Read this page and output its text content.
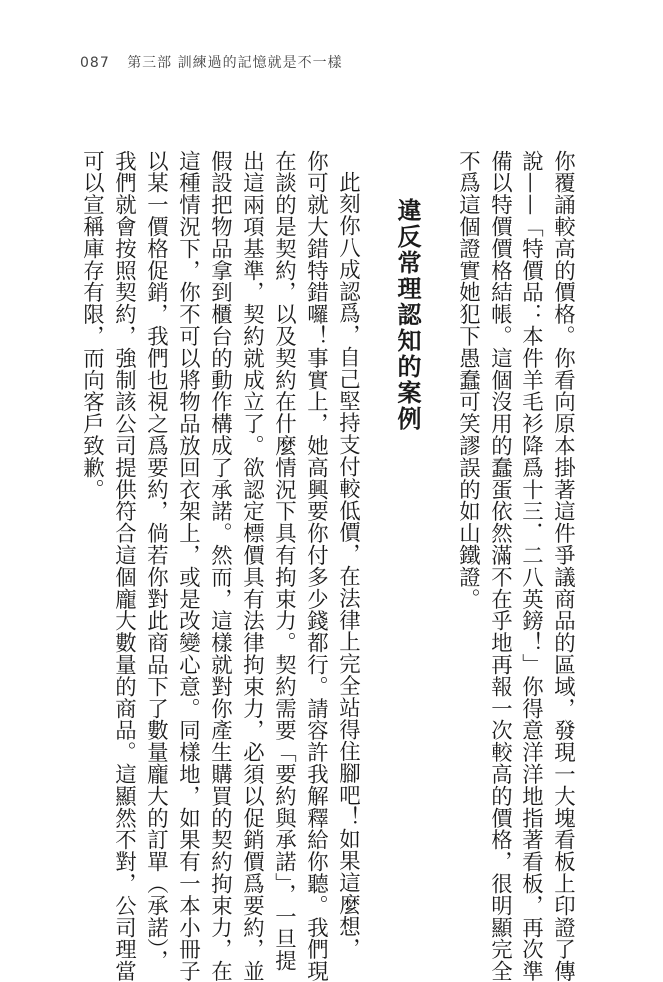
087 第三部 訓練過的記憶就是不一樣
你覆誦較高的價格。你看向原本掛著這件爭議商品的區域，發現一大塊看板上印證了傳
說——「特價品：本件羊毛衫降爲十三．二八英鎊！」你得意洋洋地指著看板，再次準
備以特價價格結帳。這個沒用的蠢蛋依然滿不在乎地再報一次較高的價格，很明顯完全
不爲這個證實她犯下愚蠢可笑謬誤的如山鐵證。
違反常理認知的案例
此刻你八成認爲，自己堅持支付較低價，在法律上完全站得住腳吧！如果這麼想，
你可就大錯特錯囉！事實上，她高興要你付多少錢都行。請容許我解釋給你聽。我們現
在談的是契約，以及契約在什麼情況下具有拘束力。契約需要「要約與承諾」，一旦提
出這兩項基準，契約就成立了。欲認定標價具有法律拘束力，必須以促銷價爲要約，並
假設把物品拿到櫃台的動作構成了承諾。然而，這樣就對你產生購買的契約拘束力，在
這種情況下，你不可以將物品放回衣架上，或是改變心意。同樣地，如果有一本小冊子
以某一價格促銷，我們也視之爲要約，倘若你對此商品下了數量龐大的訂單（承諾），
我們就會按照契約，強制該公司提供符合這個龐大數量的商品。這顯然不對，公司理當
可以宣稱庫存有限，而向客戶致歉。
